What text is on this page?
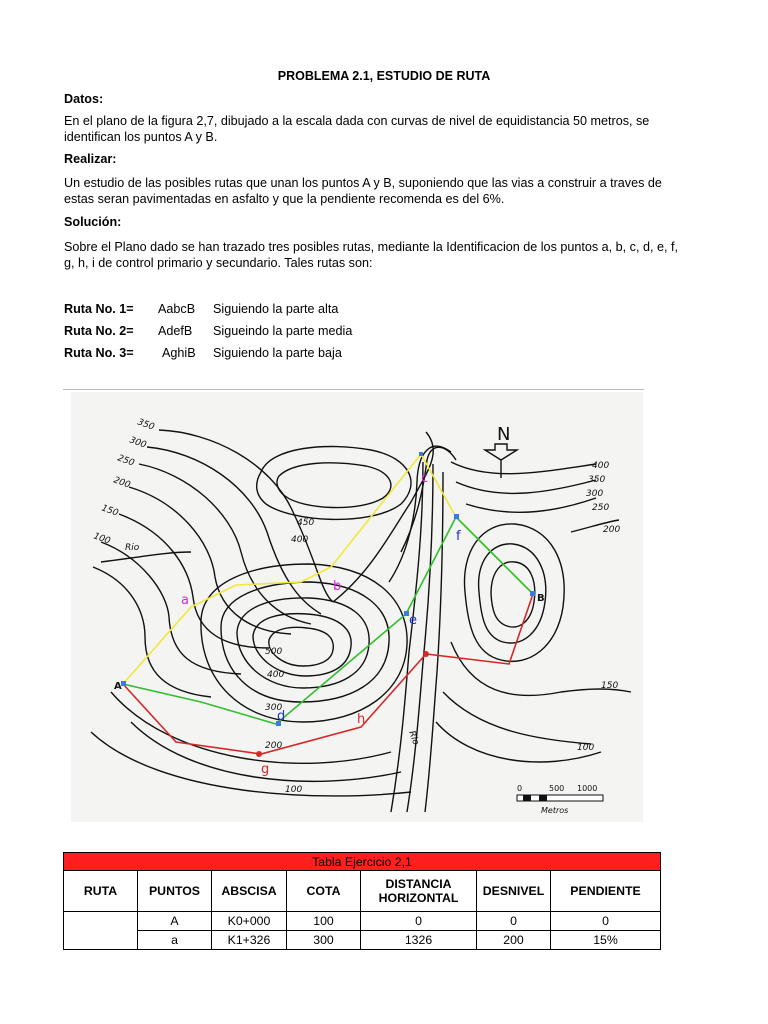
PROBLEMA 2.1, ESTUDIO DE RUTA
Datos:
En el plano de la figura 2,7, dibujado a la escala dada con curvas de nivel de equidistancia 50 metros, se identifican los puntos A y B.
Realizar:
Un estudio de las posibles rutas que unan los puntos A y B, suponiendo que las vias a construir a traves de estas seran pavimentadas en asfalto y que la pendiente recomenda es del 6%.
Solución:
Sobre el Plano dado se han trazado tres posibles rutas, mediante la Identificacion de los puntos a, b, c, d, e, f, g, h, i de control primario y secundario. Tales rutas son:
Ruta No. 1= AabcB Siguiendo la parte alta
Ruta No. 2= AdefB Sigueindo la parte media
Ruta No. 3= AghiB Siguiendo la parte baja
350
300
250
200
150
100
450
400
500
400
300
200
100
400
350
300
250
200
150
100
Rio
Rio
N
0	500 1000
Metros
A
B
a
b
c
d
e
f
g
h
Tabla Ejercicio 2,1						
RUTA	PUNTOS	ABSCISA	COTA	DISTANCIA HORIZONTAL	DESNIVEL	PENDIENTE
	A	K0+000	100	0	0	0
	a	K1+326	300	1326	200	15%
